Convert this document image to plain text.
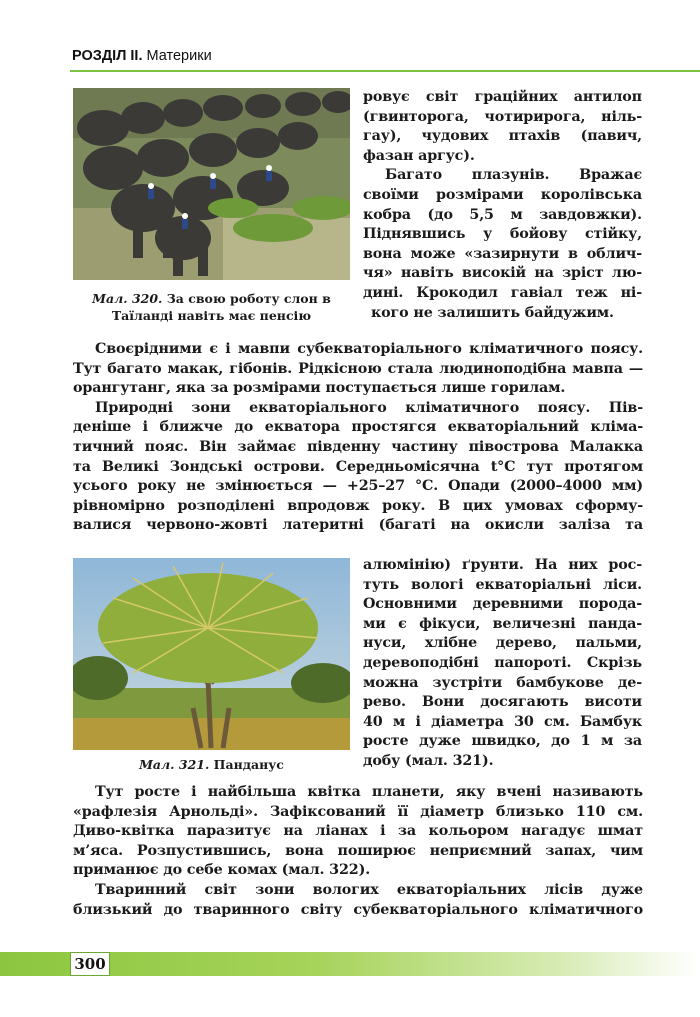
РОЗДІЛ ІІ. Материки
Мал. 320. За свою роботу слон в
Таїланді навіть має пенсію
ровує світ граційних антилоп
(гвинторога, чотирирога, ніль-
гау), чудових птахів (павич,
фазан аргус).
Багато плазунів. Вражає
своїми розмірами королівська
кобра (до 5,5 м завдовжки).
Піднявшись у бойову стійку,
вона може «зазирнути в облич-
чя» навіть високій на зріст лю-
дині. Крокодил гавіал теж ні-
кого не залишить байдужим.
Своєрідними є і мавпи субекваторіального кліматичного поясу.
Тут багато макак, гібонів. Рідкісною стала людиноподібна мавпа —
орангутанг, яка за розмірами поступається лише горилам.
Природні зони екваторіального кліматичного поясу. Пів-
деніше і ближче до екватора простягся екваторіальний кліма-
тичний пояс. Він займає південну частину півострова Малакка
та Великі Зондські острови. Середньомісячна t°С тут протягом
усього року не змінюється — +25–27 °С. Опади (2000–4000 мм)
рівномірно розподілені впродовж року. В цих умовах сформу-
валися червоно-жовті латеритні (багаті на окисли заліза та
Мал. 321. Пандaнус
алюмінію) ґрунти. На них рос-
туть вологі екваторіальні ліси.
Основними деревними порода-
ми є фікуси, величезні панда-
нуси, хлібне дерево, пальми,
деревоподібні папороті. Скрізь
можна зустріти бамбукове де-
рево. Вони досягають висоти
40 м і діаметра 30 см. Бамбук
росте дуже швидко, до 1 м за
добу (мал. 321).
Тут росте і найбільша квітка планети, яку вчені називають
«рафлезія Арнольді». Зафіксований її діаметр близько 110 см.
Диво-квітка паразитує на ліанах і за кольором нагадує шмат
м’яса. Розпустившись, вона поширює неприємний запах, чим
приманює до себе комах (мал. 322).
Тваринний світ зони вологих екваторіальних лісів дуже
близький до тваринного світу субекваторіального кліматичного
300
